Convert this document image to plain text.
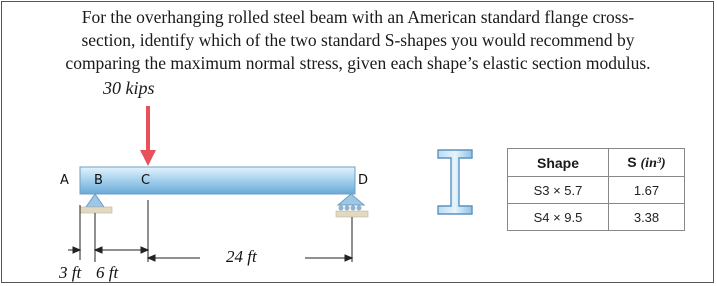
For the overhanging rolled steel beam with an American standard flange cross-
section, identify which of the two standard S-shapes you would recommend by
comparing the maximum normal stress, given each shape’s elastic section modulus.
30 kips
A B	C	D
24 ft
3 ft 6 ft
Shape	S (in³)
S3 × 5.7	1.67
S4 × 9.5	3.38
